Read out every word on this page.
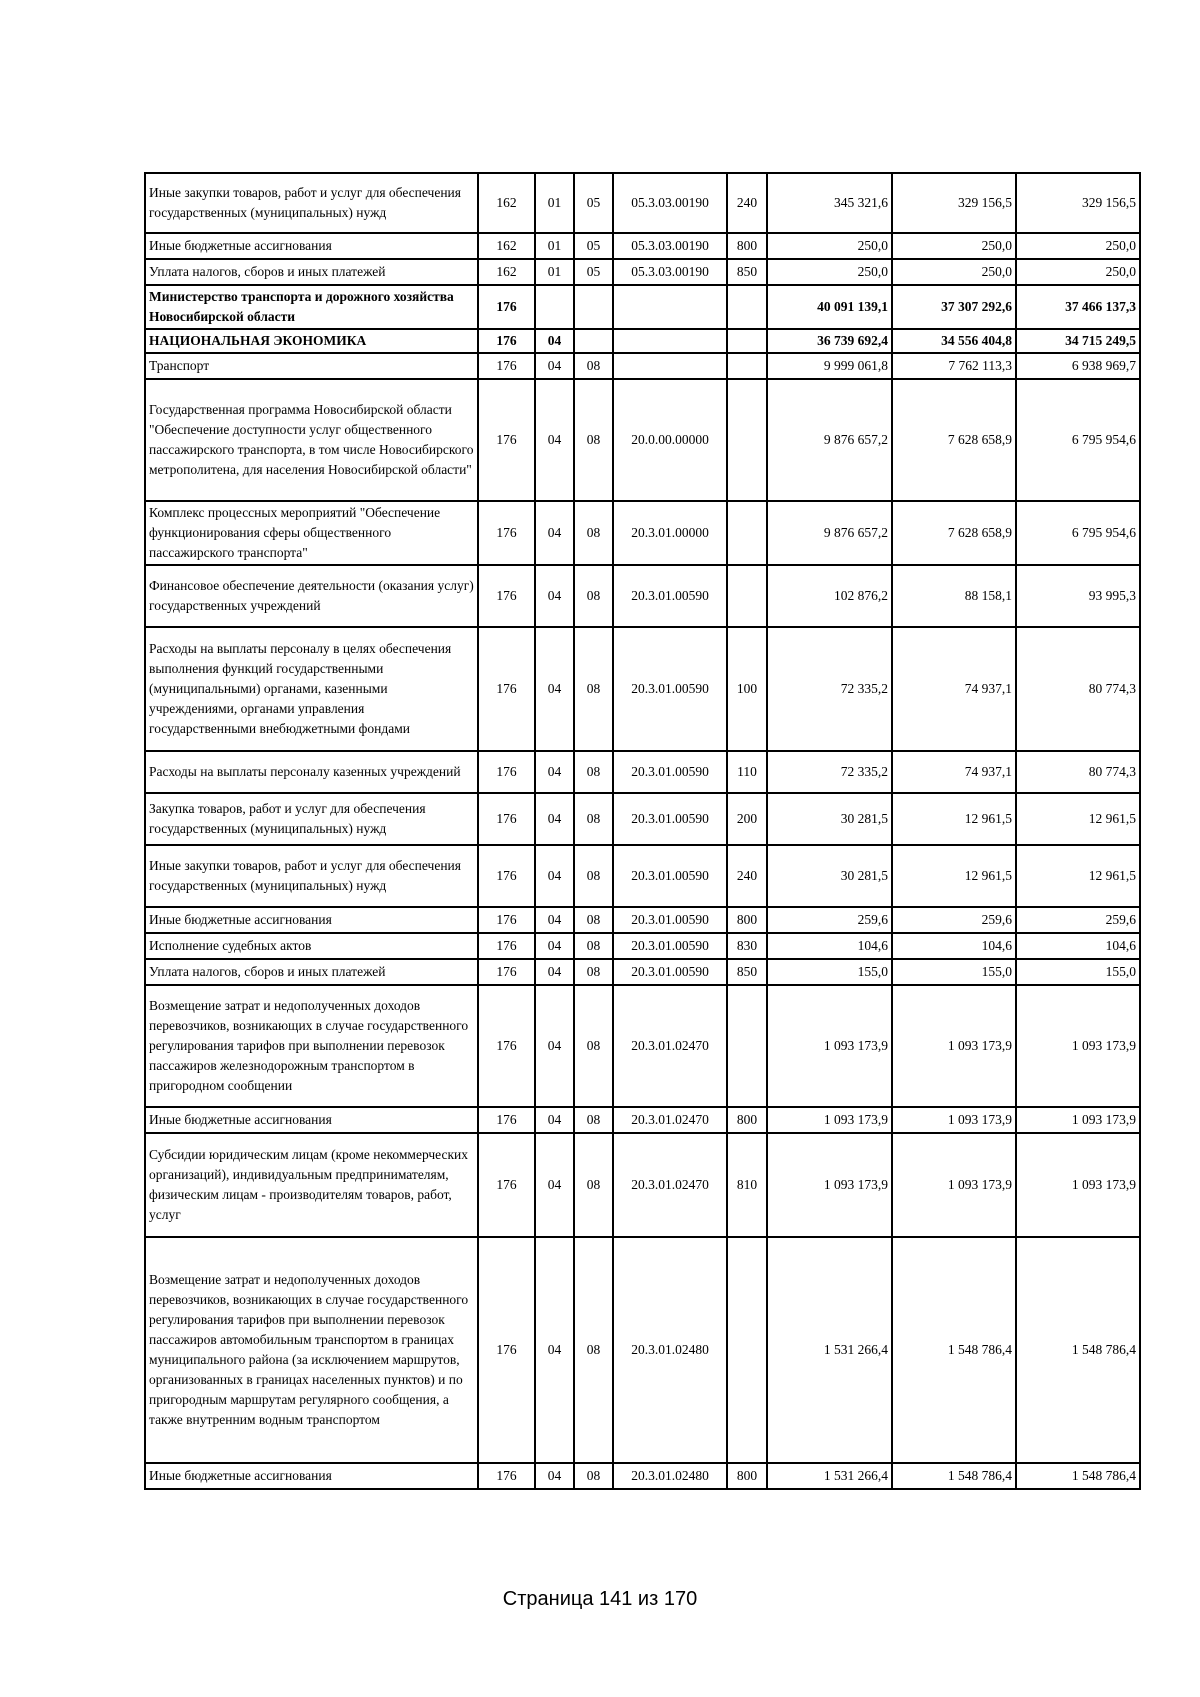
Иные закупки товаров, работ и услуг для обеспечения государственных (муниципальных) нужд	162	01	05	05.3.03.00190	240	345 321,6	329 156,5	329 156,5
Иные бюджетные ассигнования	162	01	05	05.3.03.00190	800	250,0	250,0	250,0
Уплата налогов, сборов и иных платежей	162	01	05	05.3.03.00190	850	250,0	250,0	250,0
Министерство транспорта и дорожного хозяйства Новосибирской области	176					40 091 139,1	37 307 292,6	37 466 137,3
НАЦИОНАЛЬНАЯ ЭКОНОМИКА	176	04				36 739 692,4	34 556 404,8	34 715 249,5
Транспорт	176	04	08			9 999 061,8	7 762 113,3	6 938 969,7
Государственная программа Новосибирской области "Обеспечение доступности услуг общественного пассажирского транспорта, в том числе Новосибирского метрополитена, для населения Новосибирской области"	176	04	08	20.0.00.00000		9 876 657,2	7 628 658,9	6 795 954,6
Комплекс процессных мероприятий "Обеспечение функционирования сферы общественного пассажирского транспорта"	176	04	08	20.3.01.00000		9 876 657,2	7 628 658,9	6 795 954,6
Финансовое обеспечение деятельности (оказания услуг) государственных учреждений	176	04	08	20.3.01.00590		102 876,2	88 158,1	93 995,3
Расходы на выплаты персоналу в целях обеспечения выполнения функций государственными (муниципальными) органами, казенными учреждениями, органами управления государственными внебюджетными фондами	176	04	08	20.3.01.00590	100	72 335,2	74 937,1	80 774,3
Расходы на выплаты персоналу казенных учреждений	176	04	08	20.3.01.00590	110	72 335,2	74 937,1	80 774,3
Закупка товаров, работ и услуг для обеспечения государственных (муниципальных) нужд	176	04	08	20.3.01.00590	200	30 281,5	12 961,5	12 961,5
Иные закупки товаров, работ и услуг для обеспечения государственных (муниципальных) нужд	176	04	08	20.3.01.00590	240	30 281,5	12 961,5	12 961,5
Иные бюджетные ассигнования	176	04	08	20.3.01.00590	800	259,6	259,6	259,6
Исполнение судебных актов	176	04	08	20.3.01.00590	830	104,6	104,6	104,6
Уплата налогов, сборов и иных платежей	176	04	08	20.3.01.00590	850	155,0	155,0	155,0
Возмещение затрат и недополученных доходов перевозчиков, возникающих в случае государственного регулирования тарифов при выполнении перевозок пассажиров железнодорожным транспортом в пригородном сообщении	176	04	08	20.3.01.02470		1 093 173,9	1 093 173,9	1 093 173,9
Иные бюджетные ассигнования	176	04	08	20.3.01.02470	800	1 093 173,9	1 093 173,9	1 093 173,9
Субсидии юридическим лицам (кроме некоммерческих организаций), индивидуальным предпринимателям, физическим лицам - производителям товаров, работ, услуг	176	04	08	20.3.01.02470	810	1 093 173,9	1 093 173,9	1 093 173,9
Возмещение затрат и недополученных доходов перевозчиков, возникающих в случае государственного регулирования тарифов при выполнении перевозок пассажиров автомобильным транспортом в границах муниципального района (за исключением маршрутов, организованных в границах населенных пунктов) и по пригородным маршрутам регулярного сообщения, а также внутренним водным транспортом	176	04	08	20.3.01.02480		1 531 266,4	1 548 786,4	1 548 786,4
Иные бюджетные ассигнования	176	04	08	20.3.01.02480	800	1 531 266,4	1 548 786,4	1 548 786,4
Страница 141 из 170
